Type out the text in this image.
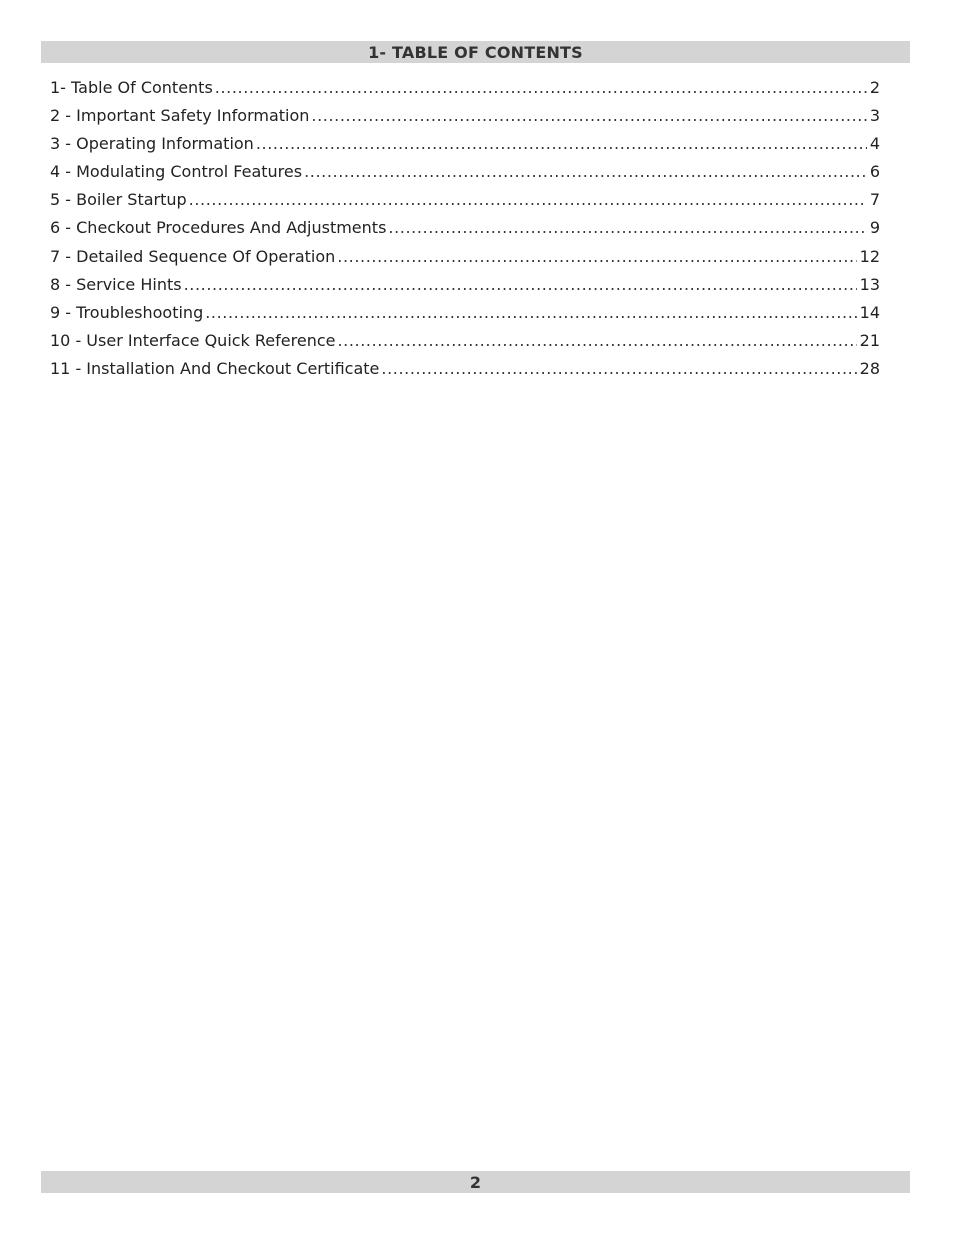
1- TABLE OF CONTENTS
1- Table Of Contents .....	2
2 - Important Safety Information .....	3
3 - Operating Information .....	4
4 - Modulating Control Features .....	6
5 - Boiler Startup .....	7
6 - Checkout Procedures And Adjustments .....	9
7 - Detailed Sequence Of Operation .....	12
8 - Service Hints .....	13
9 - Troubleshooting .....	14
10 - User Interface Quick Reference .....	21
11 - Installation And Checkout Certificate .....	28
2
